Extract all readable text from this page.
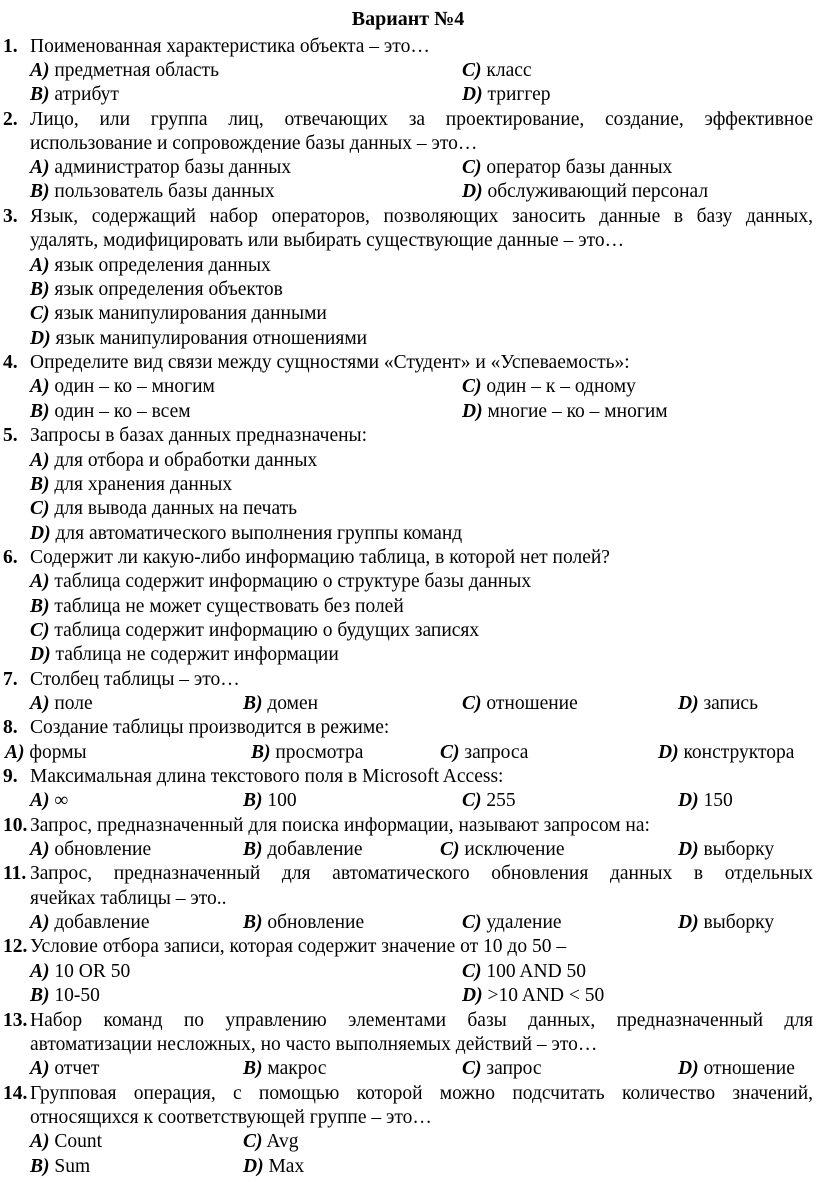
Вариант №4
1. Поименованная характеристика объекта – это…
A) предметная область	C) класс
B) атрибут	D) триггер
2. Лицо, или группа лиц, отвечающих за проектирование, создание, эффективное
использование и сопровождение базы данных – это…
A) администратор базы данных	C) оператор базы данных
B) пользователь базы данных	D) обслуживающий персонал
3. Язык, содержащий набор операторов, позволяющих заносить данные в базу данных,
удалять, модифицировать или выбирать существующие данные – это…
A) язык определения данных
B) язык определения объектов
C) язык манипулирования данными
D) язык манипулирования отношениями
4. Определите вид связи между сущностями «Студент» и «Успеваемость»:
A) один – ко – многим	C) один – к – одному
B) один – ко – всем	D) многие – ко – многим
5. Запросы в базах данных предназначены:
A) для отбора и обработки данных
B) для хранения данных
C) для вывода данных на печать
D) для автоматического выполнения группы команд
6. Содержит ли какую-либо информацию таблица, в которой нет полей?
A) таблица содержит информацию о структуре базы данных
B) таблица не может существовать без полей
C) таблица содержит информацию о будущих записях
D) таблица не содержит информации
7. Столбец таблицы – это…
A) поле	B) домен	C) отношение	D) запись
8. Создание таблицы производится в режиме:
A) формы	B) просмотра	C) запроса	D) конструктора
9. Максимальная длина текстового поля в Microsoft Access:
A) ∞	B) 100	C) 255	D) 150
10. Запрос, предназначенный для поиска информации, называют запросом на:
A) обновление	B) добавление	C) исключение	D) выборку
11. Запрос, предназначенный для автоматического обновления данных в отдельных
ячейках таблицы – это..
A) добавление	B) обновление	C) удаление	D) выборку
12. Условие отбора записи, которая содержит значение от 10 до 50 –
A) 10 OR 50	C) 100 AND 50
B) 10-50	D) >10 AND < 50
13. Набор команд по управлению элементами базы данных, предназначенный для
автоматизации несложных, но часто выполняемых действий – это…
A) отчет	B) макрос	C) запрос	D) отношение
14. Групповая операция, с помощью которой можно подсчитать количество значений,
относящихся к соответствующей группе – это…
A) Count	C) Avg
B) Sum	D) Max
